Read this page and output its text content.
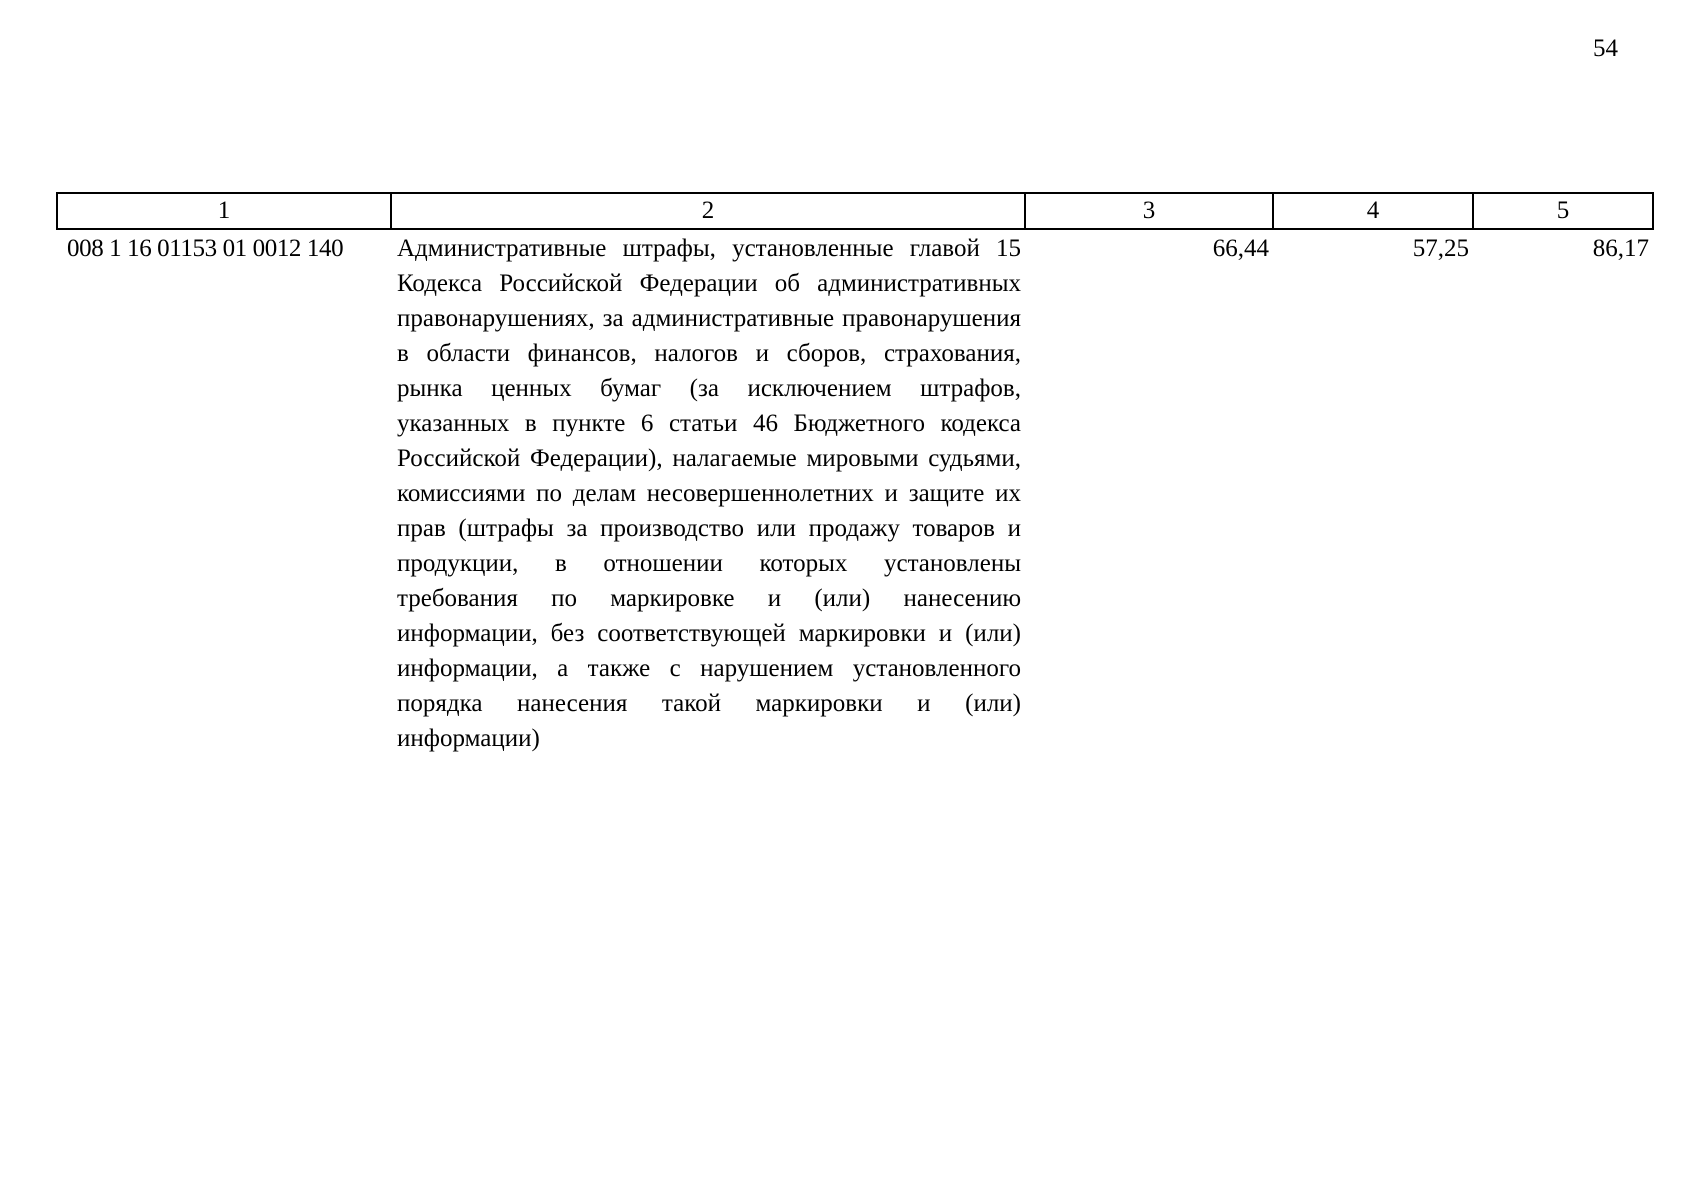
54
1	2	3	4	5
008 1 16 01153 01 0012 140	Административные штрафы, установленные главой 15 Кодекса Российской Федерации об административных правонарушениях, за административные правонарушения в области финансов, налогов и сборов, страхования, рынка ценных бумаг (за исключением штрафов, указанных в пункте 6 статьи 46 Бюджетного кодекса Российской Федерации), налагаемые мировыми судьями, комиссиями по делам несовершеннолетних и защите их прав (штрафы за производство или продажу товаров и продукции, в отношении которых установлены требования по маркировке и (или) нанесению информации, без соответствующей маркировки и (или) информации, а также с нарушением установленного порядка нанесения такой маркировки и (или) информации)	66,44	57,25	86,17
